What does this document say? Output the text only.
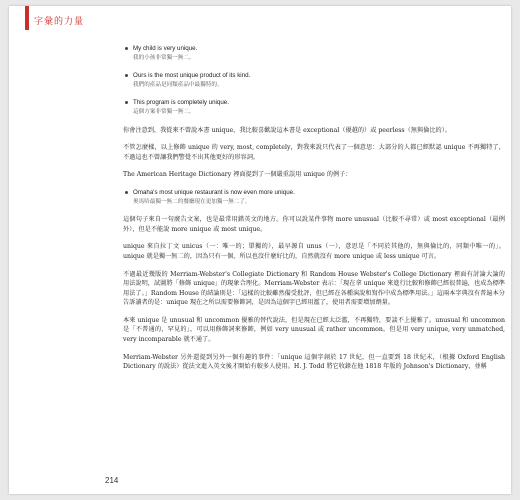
字彙的力量
My child is very unique.
我的小孩非常獨一無二。
Ours is the most unique product of its kind.
我們的產品是同類產品中最獨特的。
This program is completely unique.
這個方案非常獨一無二。

你會注意到，我從來不曾說本書 unique，我比較喜歡說這本書是 exceptional（優越的）或 peerless（無與倫比的）。

不管怎麼樣，以上修飾 unique 的 very, most, completely，對我來說只代表了一個意思：大部分的人都已經默認 unique 不再獨特了，不過這也不曾讓我們警覺不出其他更好的形容詞。

The American Heritage Dictionary 裡面提到了一個嚴重誤用 unique 的例子：

Omaha's most unique restaurant is now even more unique.
奧馬哈最獨一無二的餐廳現在更加獨一無二了。

這個句子來自一句廣告文案，也是最常用錯英文的地方。你可以說某件事物 more unusual（比較不尋常）或 most exceptional（最例外），但是不能說 more unique 或 most unique。

unique 來自拉丁文 unicus（一：唯一的；單獨的），最早源自 unus（一），意思是「不同於其他的，無與倫比的，同類中唯一的」。unique 就是獨一無二的，因為只有一個，所以也沒什麼好比的，自然就沒有 more unique 或 less unique 可言。

不過最近幾版的 Merriam-Webster's Collegiate Dictionary 和 Random House Webster's College Dictionary 裡面有討論大論的用法說明，試圖將「修飾 unique」的現象合理化。Merriam-Webster 表示：「現在拿 unique 來進行比較和修飾已經很普遍，也成為標準用法了。」Random House 的結論則是：「這樣的比較雖然備受批評，但已經在各種演說和寫作中成為標準用法。」這兩本字典沒有普遍本分告訴讀者的是：unique 現在之所以需要修飾詞，是因為這個字已經用濫了，使用者需要增加劑量。

本來 unique 是 unusual 和 uncommon 優雅的替代說法，但是現在已經太泛濫，不再獨特，要談不上優雅了。unusual 和 uncommon 是「不普通的，罕見的」，可以用修飾詞來修飾，例如 very unusual 或 rather uncommon，但是用 very unique, very unmatched, very incomparable 就不通了。

Merriam-Webster 另外還提到另外一個有趣的事件：「unique 這個字創於 17 世紀，但一直要到 18 世紀末，（根據 Oxford English Dictionary 的說法）從法文進入英文後才開始有較多人使用。H. J. Todd 將它收錄在他 1818 年版的 Johnson's Dictionary，並稱

214
